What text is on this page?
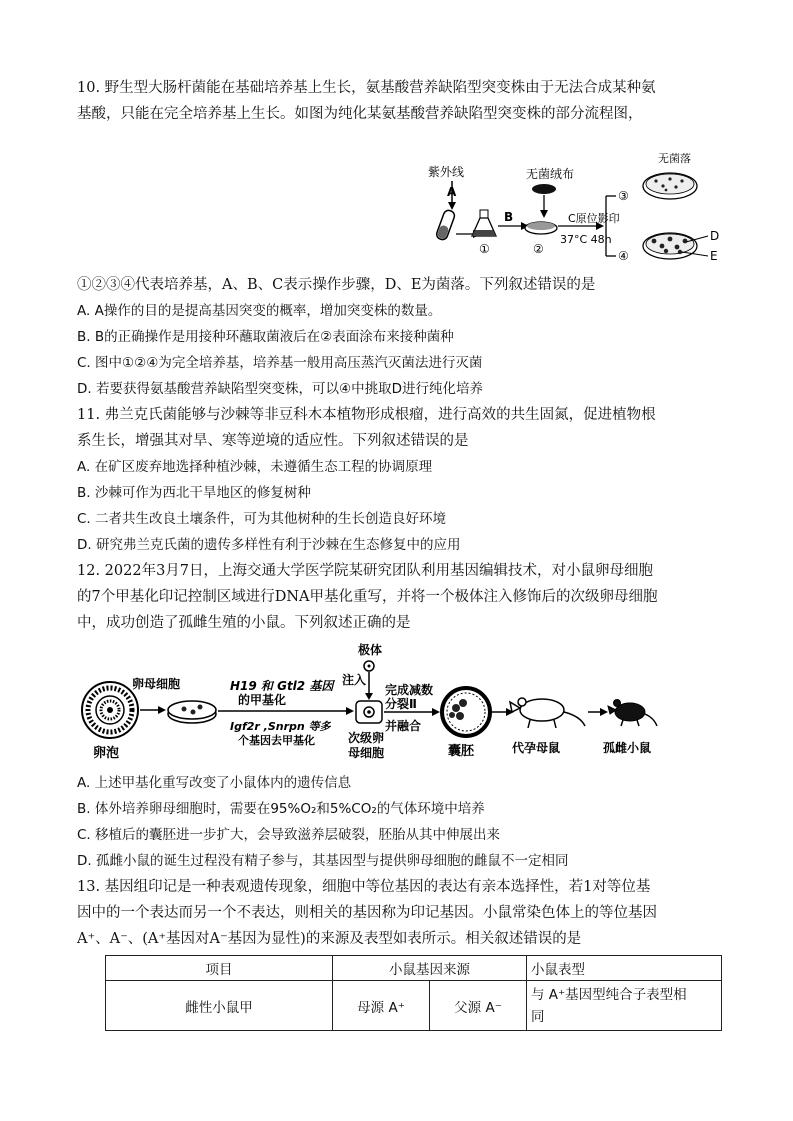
10. 野生型大肠杆菌能在基础培养基上生长，氨基酸营养缺陷型突变株由于无法合成某种氨
基酸，只能在完全培养基上生长。如图为纯化某氨基酸营养缺陷型突变株的部分流程图，
紫外线
A
①
B
无菌绒布
②
C原位影印
37°C 48h
③
④
无菌落
D
E
①②③④代表培养基，A、B、C表示操作步骤，D、E为菌落。下列叙述错误的是
A. A操作的目的是提高基因突变的概率，增加突变株的数量。
B. B的正确操作是用接种环蘸取菌液后在②表面涂布来接种菌种
C. 图中①②④为完全培养基，培养基一般用高压蒸汽灭菌法进行灭菌
D. 若要获得氨基酸营养缺陷型突变株，可以④中挑取D进行纯化培养
11. 弗兰克氏菌能够与沙棘等非豆科木本植物形成根瘤，进行高效的共生固氮，促进植物根
系生长，增强其对旱、寒等逆境的适应性。下列叙述错误的是
A. 在矿区废弃地选择种植沙棘，未遵循生态工程的协调原理
B. 沙棘可作为西北干旱地区的修复树种
C. 二者共生改良土壤条件，可为其他树种的生长创造良好环境
D. 研究弗兰克氏菌的遗传多样性有利于沙棘在生态修复中的应用
12. 2022年3月7日，上海交通大学医学院某研究团队利用基因编辑技术，对小鼠卵母细胞
的7个甲基化印记控制区域进行DNA甲基化重写，并将一个极体注入修饰后的次级卵母细胞
中，成功创造了孤雌生殖的小鼠。下列叙述正确的是
卵泡
卵母细胞	H19 和 Gtl2 基因
的甲基化
Igf2r ,Snrpn 等多
个基因去甲基化
极体
注入
次级卵
母细胞
完成减数
分裂Ⅱ
并融合
囊胚	代孕母鼠	孤雌小鼠
A. 上述甲基化重写改变了小鼠体内的遗传信息
B. 体外培养卵母细胞时，需要在95%O₂和5%CO₂的气体环境中培养
C. 移植后的囊胚进一步扩大，会导致滋养层破裂，胚胎从其中伸展出来
D. 孤雌小鼠的诞生过程没有精子参与，其基因型与提供卵母细胞的雌鼠不一定相同
13. 基因组印记是一种表观遗传现象，细胞中等位基因的表达有亲本选择性，若1对等位基
因中的一个表达而另一个不表达，则相关的基因称为印记基因。小鼠常染色体上的等位基因
A⁺、A⁻、(A⁺基因对A⁻基因为显性)的来源及表型如表所示。相关叙述错误的是
项目	小鼠基因来源		小鼠表型
雌性小鼠甲	母源 A⁺	父源 A⁻	与 A⁺基因型纯合子表型相
同
